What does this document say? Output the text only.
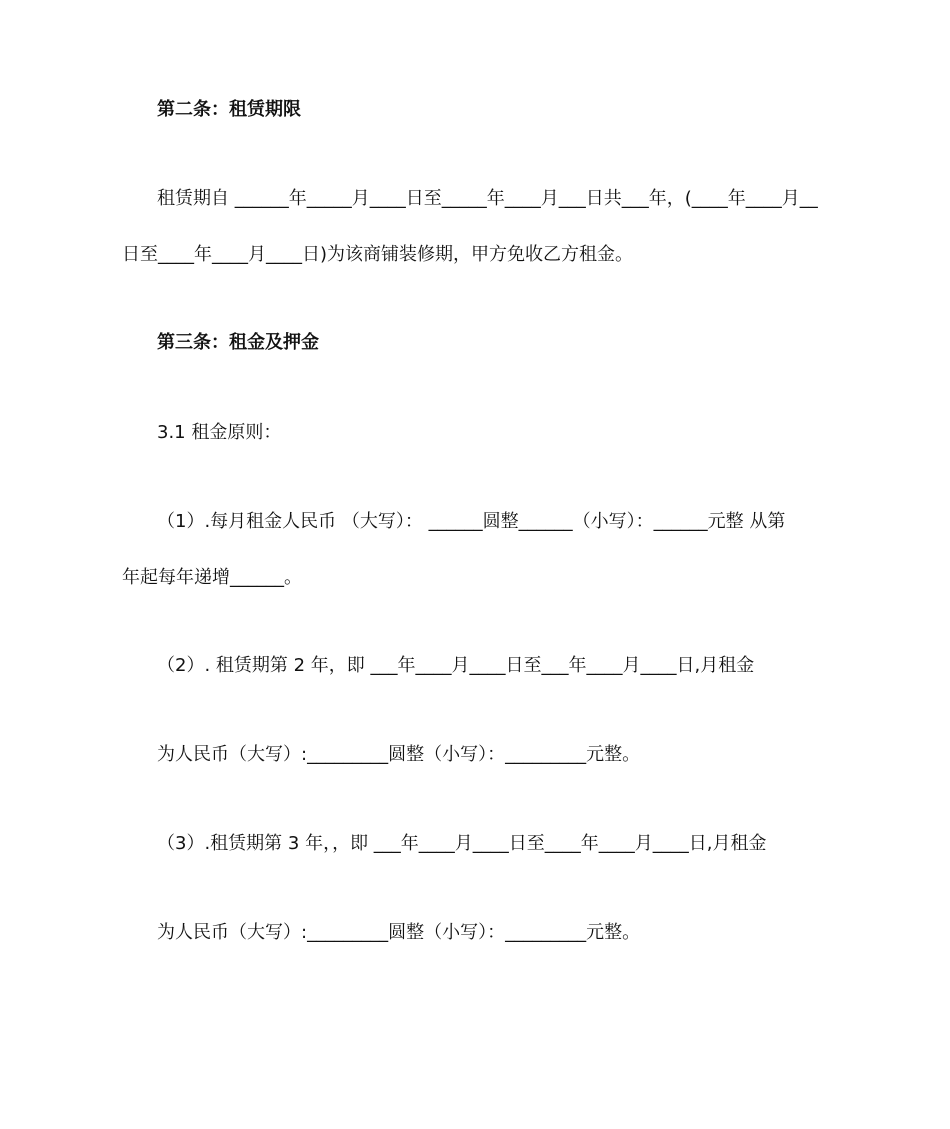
第二条：租赁期限
租赁期自 ______年_____月____日至_____年____月___日共___年，(____年____月__
日至____年____月____日)为该商铺装修期，甲方免收乙方租金。
第三条：租金及押金
3.1 租金原则：
（1）.每月租金人民币 （大写）： ______圆整______（小写）：______元整 从第
年起每年递增______。
（2）. 租赁期第 2 年，即 ___年____月____日至___年____月____日,月租金
为人民币（大写）:_________圆整（小写）：_________元整。
（3）.租赁期第 3 年，，即 ___年____月____日至____年____月____日,月租金
为人民币（大写）:_________圆整（小写）：_________元整。
